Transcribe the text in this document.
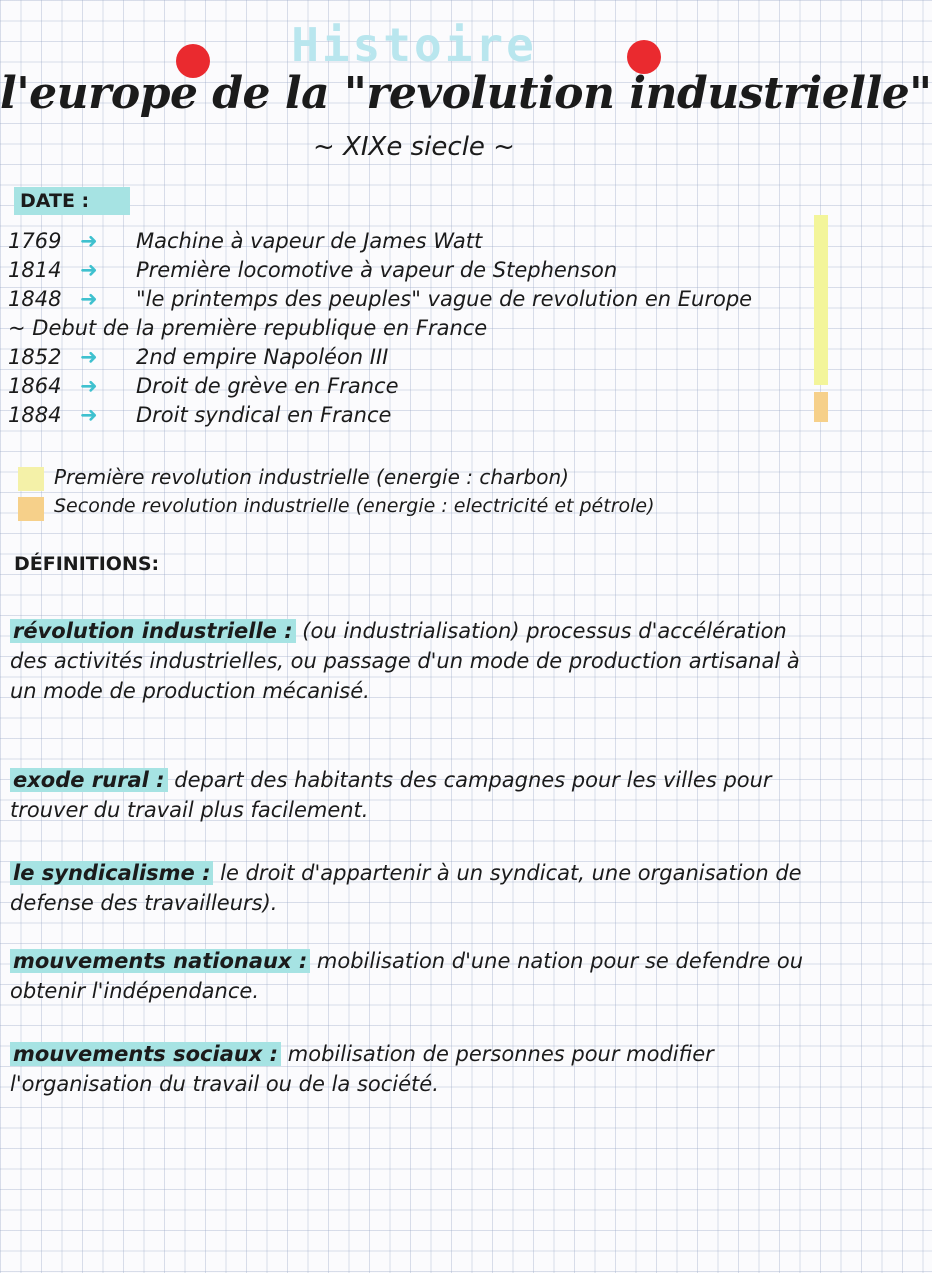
Histoire
l'europe de la "revolution industrielle"
~ XIXe siecle ~
DATE :
1769 ➜ Machine à vapeur de James Watt
1814 ➜ Première locomotive à vapeur de Stephenson
1848 ➜ "le printemps des peuples" vague de revolution en Europe
~ Debut de la première republique en France
1852 ➜ 2nd empire Napoléon III
1864 ➜ Droit de grève en France
1884 ➜ Droit syndical en France
Première revolution industrielle (energie : charbon)
Seconde revolution industrielle (energie : electricité et pétrole)
DÉFINITIONS:
révolution industrielle : (ou industrialisation) processus d'accélération des activités industrielles, ou passage d'un mode de production artisanal à un mode de production mécanisé.
exode rural : depart des habitants des campagnes pour les villes pour trouver du travail plus facilement.
le syndicalisme : le droit d'appartenir à un syndicat, une organisation de defense des travailleurs).
mouvements nationaux : mobilisation d'une nation pour se defendre ou obtenir l'indépendance.
mouvements sociaux : mobilisation de personnes pour modifier l'organisation du travail ou de la société.
